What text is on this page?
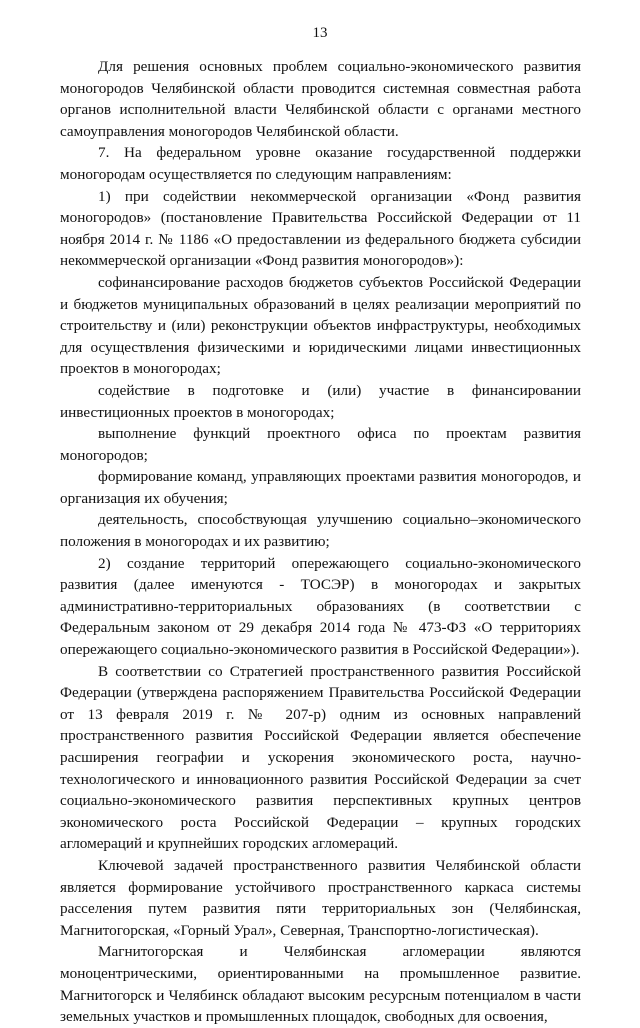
13

Для решения основных проблем социально-экономического развития моногородов Челябинской области проводится системная совместная работа органов исполнительной власти Челябинской области с органами местного самоуправления моногородов Челябинской области.

7. На федеральном уровне оказание государственной поддержки моногородам осуществляется по следующим направлениям:

1) при содействии некоммерческой организации «Фонд развития моногородов» (постановление Правительства Российской Федерации от 11 ноября 2014 г. № 1186 «О предоставлении из федерального бюджета субсидии некоммерческой организации «Фонд развития моногородов»):

софинансирование расходов бюджетов субъектов Российской Федерации и бюджетов муниципальных образований в целях реализации мероприятий по строительству и (или) реконструкции объектов инфраструктуры, необходимых для осуществления физическими и юридическими лицами инвестиционных проектов в моногородах;

содействие в подготовке и (или) участие в финансировании инвестиционных проектов в моногородах;

выполнение функций проектного офиса по проектам развития моногородов;

формирование команд, управляющих проектами развития моногородов, и организация их обучения;

деятельность, способствующая улучшению социально–экономического положения в моногородах и их развитию;

2) создание территорий опережающего социально-экономического развития (далее именуются - ТОСЭР) в моногородах и закрытых административно-территориальных образованиях (в соответствии с Федеральным законом от 29 декабря 2014 года № 473-ФЗ «О территориях опережающего социально-экономического развития в Российской Федерации»).

В соответствии со Стратегией пространственного развития Российской Федерации (утверждена распоряжением Правительства Российской Федерации от 13 февраля 2019 г. № 207-р) одним из основных направлений пространственного развития Российской Федерации является обеспечение расширения географии и ускорения экономического роста, научно-технологического и инновационного развития Российской Федерации за счет социально-экономического развития перспективных крупных центров экономического роста Российской Федерации – крупных городских агломераций и крупнейших городских агломераций.

Ключевой задачей пространственного развития Челябинской области является формирование устойчивого пространственного каркаса системы расселения путем развития пяти территориальных зон (Челябинская, Магнитогорская, «Горный Урал», Северная, Транспортно-логистическая).

Магнитогорская и Челябинская агломерации являются моноцентрическими, ориентированными на промышленное развитие. Магнитогорск и Челябинск обладают высоким ресурсным потенциалом в части земельных участков и промышленных площадок, свободных для освоения,
